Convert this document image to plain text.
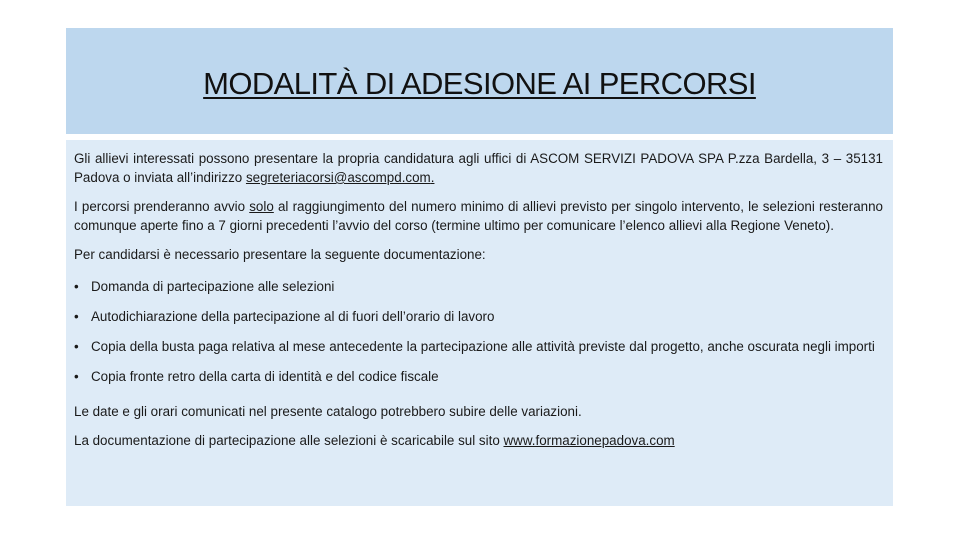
MODALITÀ DI ADESIONE AI PERCORSI

Gli allievi interessati possono presentare la propria candidatura agli uffici di ASCOM SERVIZI PADOVA SPA P.zza Bardella, 3 – 35131 Padova o inviata all’indirizzo segreteriacorsi@ascompd.com.

I percorsi prenderanno avvio solo al raggiungimento del numero minimo di allievi previsto per singolo intervento, le selezioni resteranno comunque aperte fino a 7 giorni precedenti l’avvio del corso (termine ultimo per comunicare l’elenco allievi alla Regione Veneto).

Per candidarsi è necessario presentare la seguente documentazione:

• Domanda di partecipazione alle selezioni
• Autodichiarazione della partecipazione al di fuori dell’orario di lavoro
• Copia della busta paga relativa al mese antecedente la partecipazione alle attività previste dal progetto, anche oscurata negli importi
• Copia fronte retro della carta di identità e del codice fiscale

Le date e gli orari comunicati nel presente catalogo potrebbero subire delle variazioni.

La documentazione di partecipazione alle selezioni è scaricabile sul sito www.formazionepadova.com
